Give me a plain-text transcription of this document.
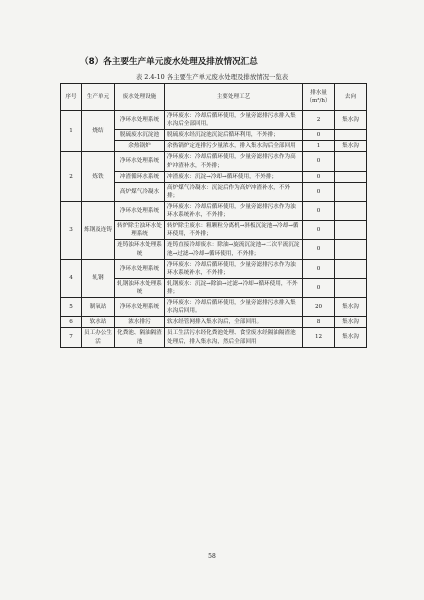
（8）各主要生产单元废水处理及排放情况汇总
表 2.4-10 各主要生产单元废水处理及排放情况一览表
序号	生产单元	废水处理设施	主要处理工艺	排水量（m³/h）	去向
1	烧结	净环水处理系统	净环废水：冷却后循环使用，少量旁滤排污水排入集水沟后全部回用。	2	集水沟
		脱硫废水沉淀池	脱硫废水经沉淀池沉淀后循环利用，不外排；	0	
		余热锅炉	余热锅炉定连排污少量浓水，排入集水沟后全部回用	1	集水沟
2	炼铁	净环水处理系统	净环废水：冷却后循环使用，少量旁滤排污水作为高炉冲渣补水，不外排；	0	
		冲渣循环水系统	冲渣废水：沉淀→冷却→循环使用，不外排；	0	
		高炉煤气冷凝水	高炉煤气冷凝水：沉淀后作为高炉冲渣补水，不外排；	0	
3	炼钢及连铸	净环水处理系统	净环废水：冷却后循环使用，少量旁滤排污水作为浊环水系统补水，不外排；	0	
		转炉除尘浊环水处理系统	转炉除尘废水：粗颗粒分离机→斜板沉淀池→冷却→循环使用，不外排；	0	
		连铸浊环水处理系统	连铸直接冷却废水：除油→旋流沉淀池→二次平流沉淀池→过滤→冷却→循环使用，不外排；	0	
4	轧钢	净环水处理系统	净环废水：冷却后循环使用，少量旁滤排污水作为浊环水系统补水，不外排；	0	
		轧钢浊环水处理系统	轧钢废水：沉淀→除油→过滤→冷却→循环使用，不外排；	0	
5	制氧站	净环水处理系统	净环废水：冷却后循环使用，少量旁滤排污水排入集水沟后回用。	20	集水沟
6	软水站	浓水排污	软水经管网排入集水沟后，全部回用。	8	集水沟
7	员工办公生活	化粪池、隔油隔渣池	员工生活污水经化粪池处理、食堂废水经隔油隔渣池处理后，排入集水沟，然后全部回用	12	集水沟
58
